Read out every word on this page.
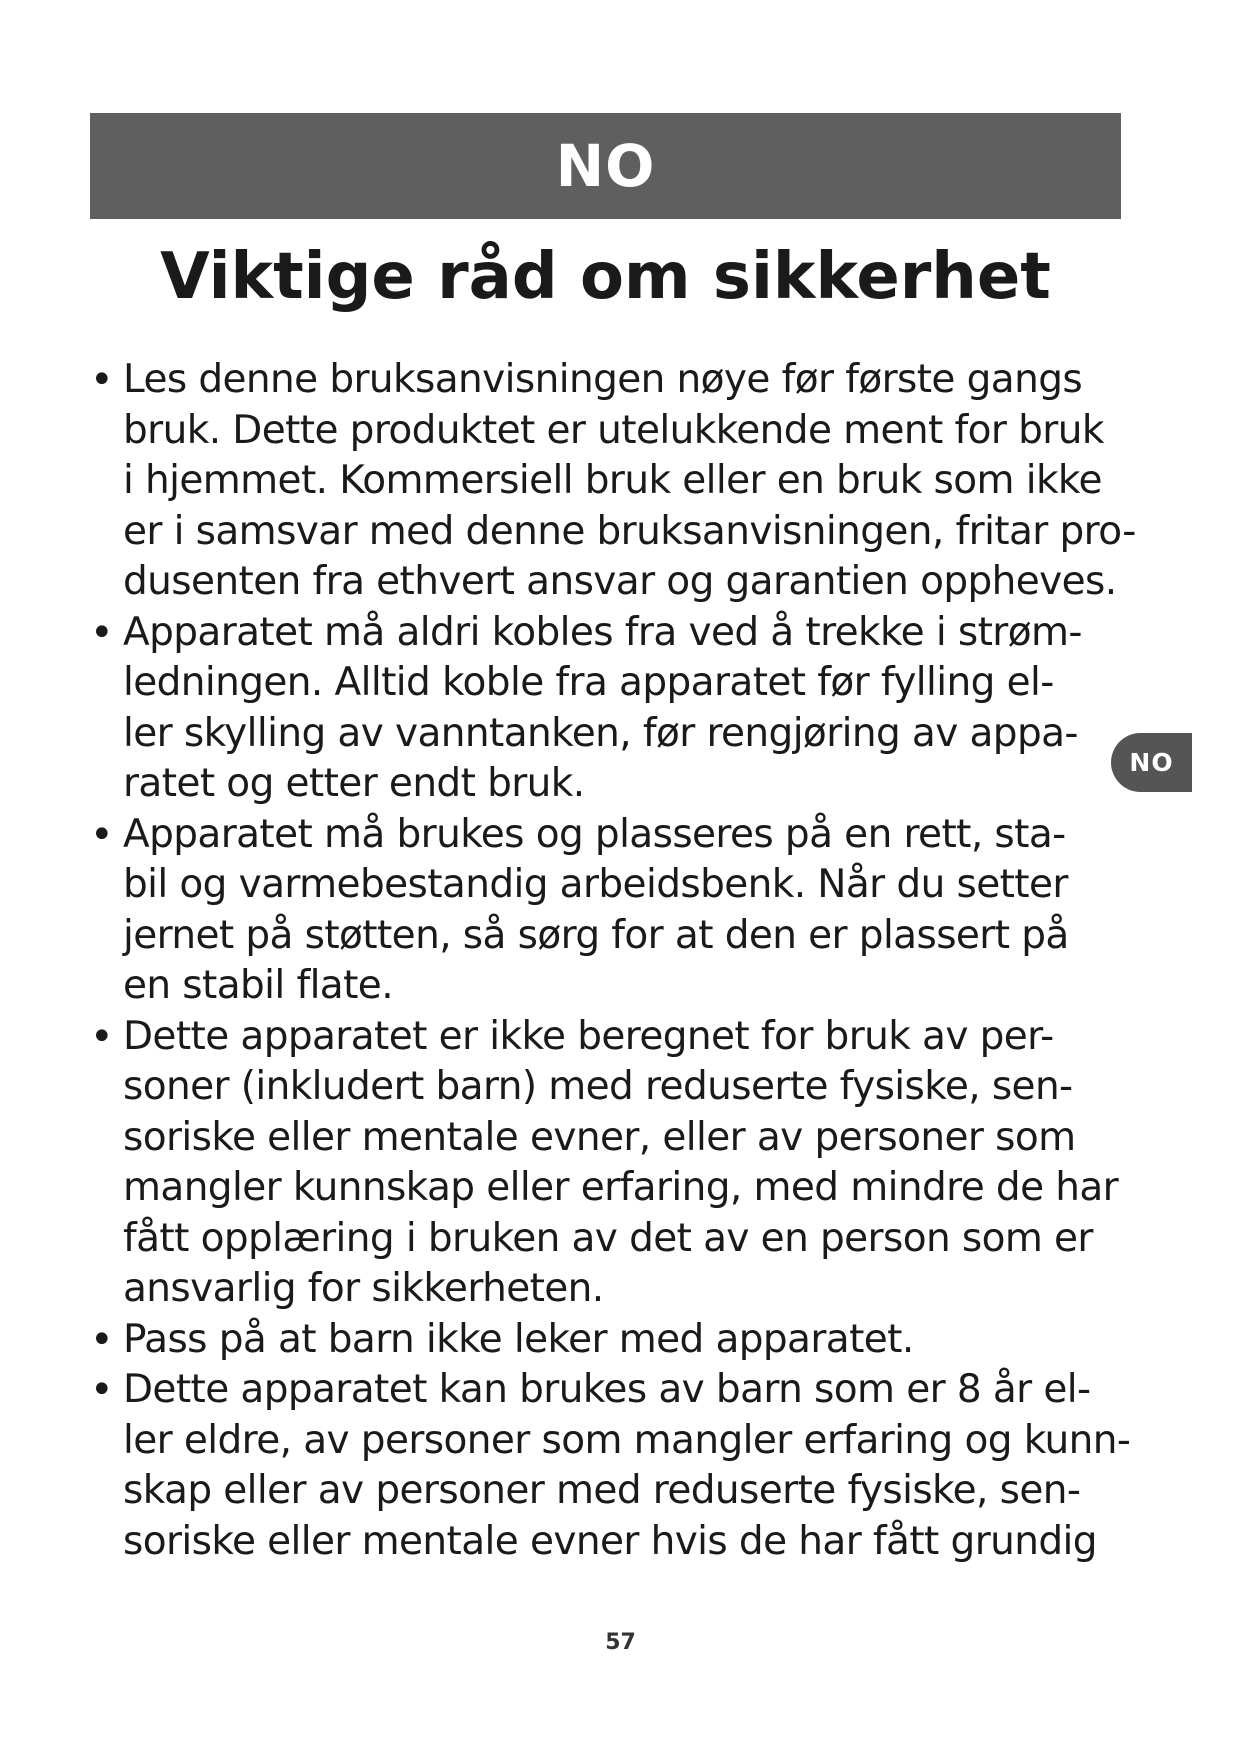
NO
Viktige råd om sikkerhet
• Les denne bruksanvisningen nøye før første gangs
bruk. Dette produktet er utelukkende ment for bruk
i hjemmet. Kommersiell bruk eller en bruk som ikke
er i samsvar med denne bruksanvisningen, fritar pro-
dusenten fra ethvert ansvar og garantien oppheves.
• Apparatet må aldri kobles fra ved å trekke i strøm-
ledningen. Alltid koble fra apparatet før fylling el-
ler skylling av vanntanken, før rengjøring av appa-
ratet og etter endt bruk.
• Apparatet må brukes og plasseres på en rett, sta-
bil og varmebestandig arbeidsbenk. Når du setter
jernet på støtten, så sørg for at den er plassert på
en stabil flate.
• Dette apparatet er ikke beregnet for bruk av per-
soner (inkludert barn) med reduserte fysiske, sen-
soriske eller mentale evner, eller av personer som
mangler kunnskap eller erfaring, med mindre de har
fått opplæring i bruken av det av en person som er
ansvarlig for sikkerheten.
• Pass på at barn ikke leker med apparatet.
• Dette apparatet kan brukes av barn som er 8 år el-
ler eldre, av personer som mangler erfaring og kunn-
skap eller av personer med reduserte fysiske, sen-
soriske eller mentale evner hvis de har fått grundig
NO
57
